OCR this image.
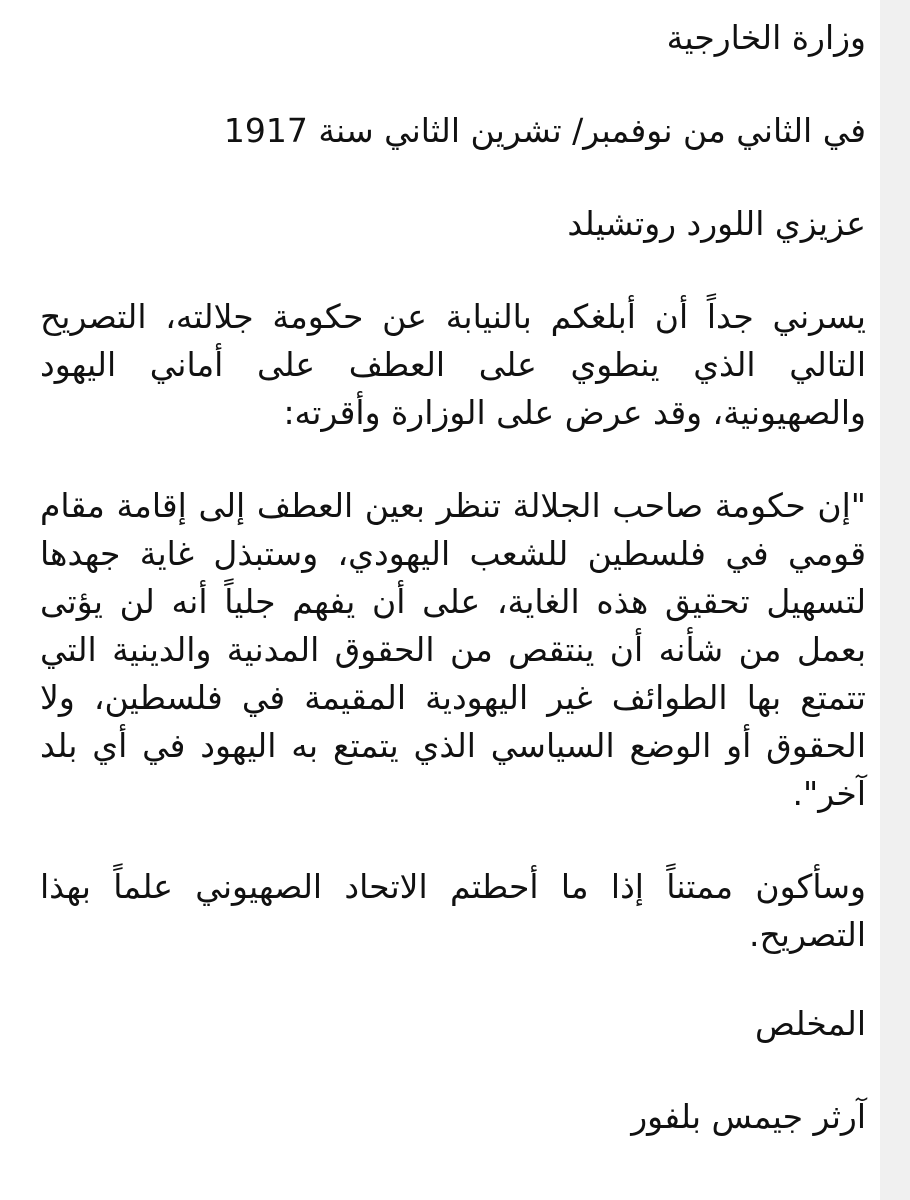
وزارة الخارجية

في الثاني من نوفمبر/ تشرين الثاني سنة 1917

عزيزي اللورد روتشيلد

يسرني جداً أن أبلغكم بالنيابة عن حكومة جلالته، التصريح التالي الذي ينطوي على العطف على أماني اليهود والصهيونية، وقد عرض على الوزارة وأقرته:

"إن حكومة صاحب الجلالة تنظر بعين العطف إلى إقامة مقام قومي في فلسطين للشعب اليهودي، وستبذل غاية جهدها لتسهيل تحقيق هذه الغاية، على أن يفهم جلياً أنه لن يؤتى بعمل من شأنه أن ينتقص من الحقوق المدنية والدينية التي تتمتع بها الطوائف غير اليهودية المقيمة في فلسطين، ولا الحقوق أو الوضع السياسي الذي يتمتع به اليهود في أي بلد آخر".

وسأكون ممتناً إذا ما أحطتم الاتحاد الصهيوني علماً بهذا التصريح.

المخلص

آرثر جيمس بلفور
